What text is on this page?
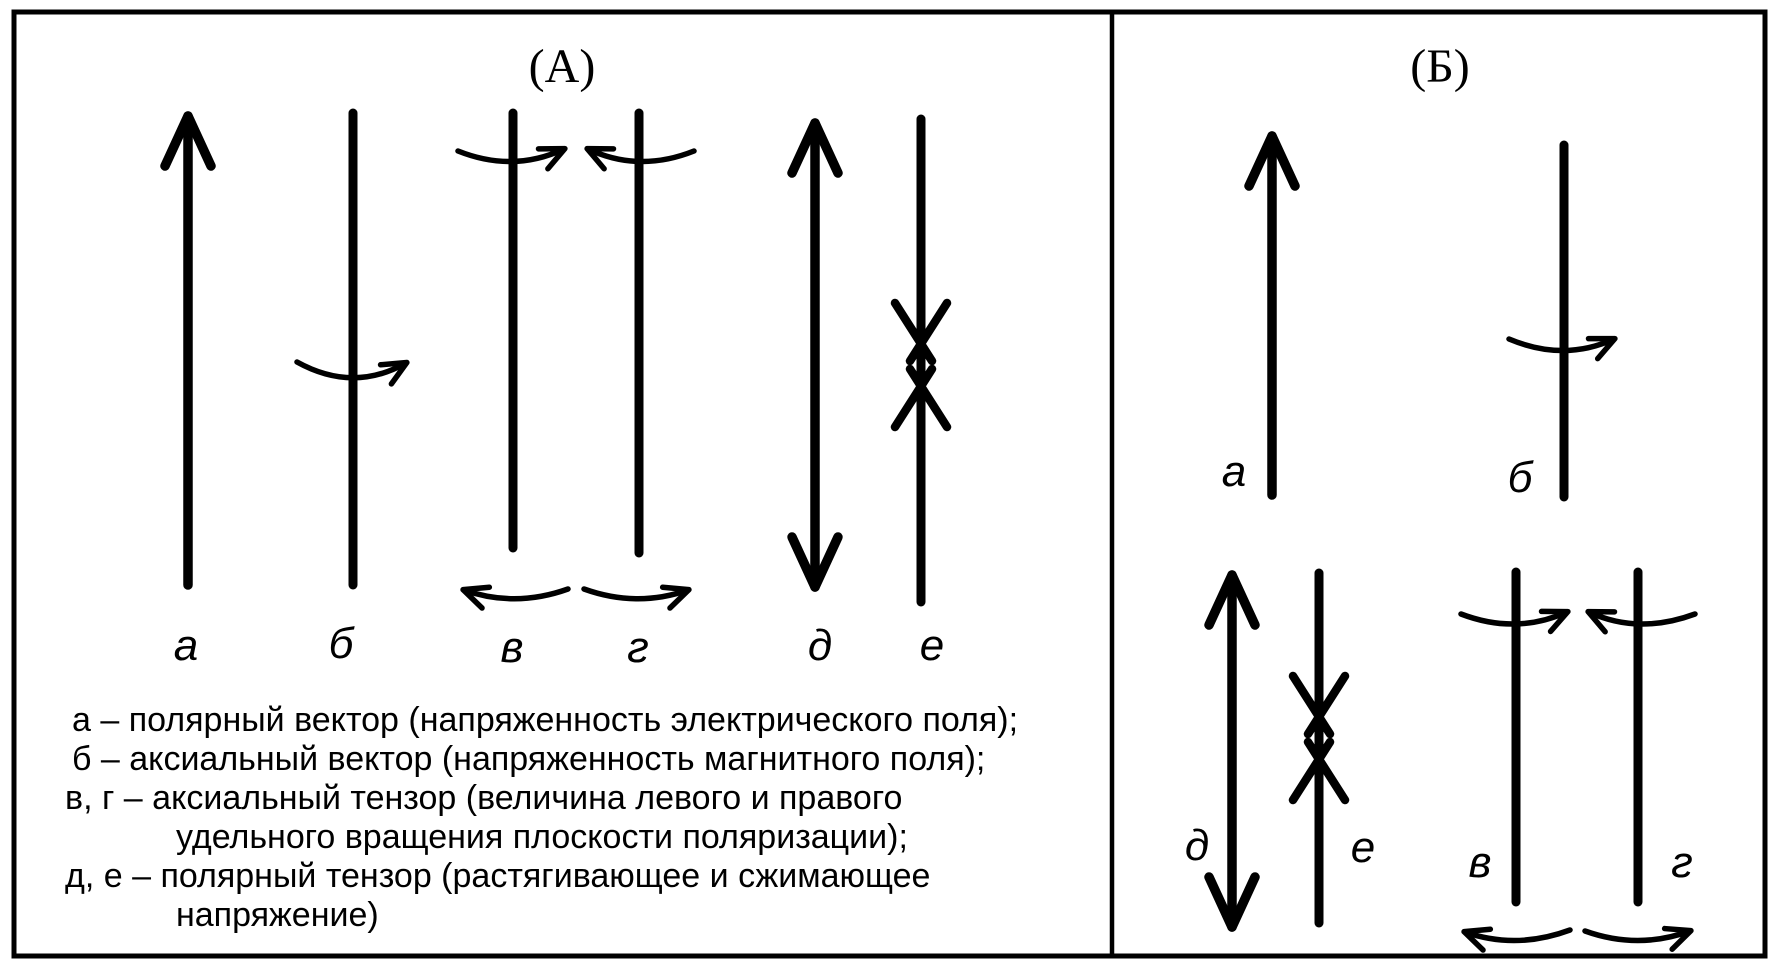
(А)
а	б	в г	д е
а – полярный вектор (напряженность электрического поля);
б – аксиальный вектор (напряженность магнитного поля);
в, г – аксиальный тензор (величина левого и правого
удельного вращения плоскости поляризации);
д, е – полярный тензор (растягивающее и сжимающее
напряжение)
(Б)
а	б
д	е в	г
